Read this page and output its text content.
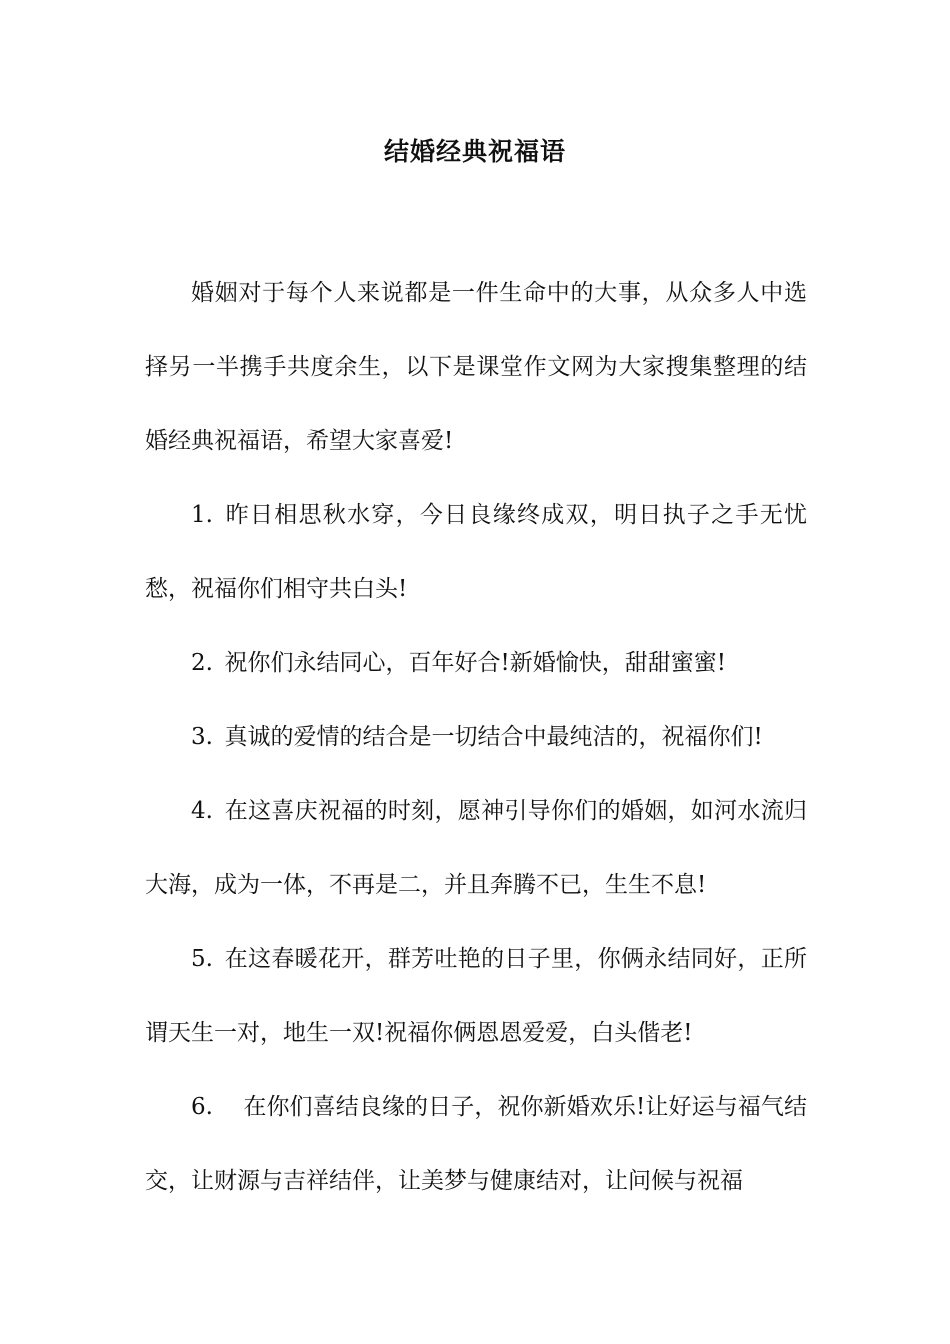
结婚经典祝福语

婚姻对于每个人来说都是一件生命中的大事，从众多人中选择另一半携手共度余生，以下是课堂作文网为大家搜集整理的结婚经典祝福语，希望大家喜爱!

1.  昨日相思秋水穿，今日良缘终成双，明日执子之手无忧愁，祝福你们相守共白头!

2.  祝你们永结同心，百年好合!新婚愉快，甜甜蜜蜜!

3.  真诚的爱情的结合是一切结合中最纯洁的，祝福你们!

4.  在这喜庆祝福的时刻，愿神引导你们的婚姻，如河水流归大海，成为一体，不再是二，并且奔腾不已，生生不息!

5.  在这春暖花开，群芳吐艳的日子里，你俩永结同好，正所谓天生一对，地生一双!祝福你俩恩恩爱爱，白头偕老!

6.   在你们喜结良缘的日子，祝你新婚欢乐!让好运与福气结交，让财源与吉祥结伴，让美梦与健康结对，让问候与祝福
